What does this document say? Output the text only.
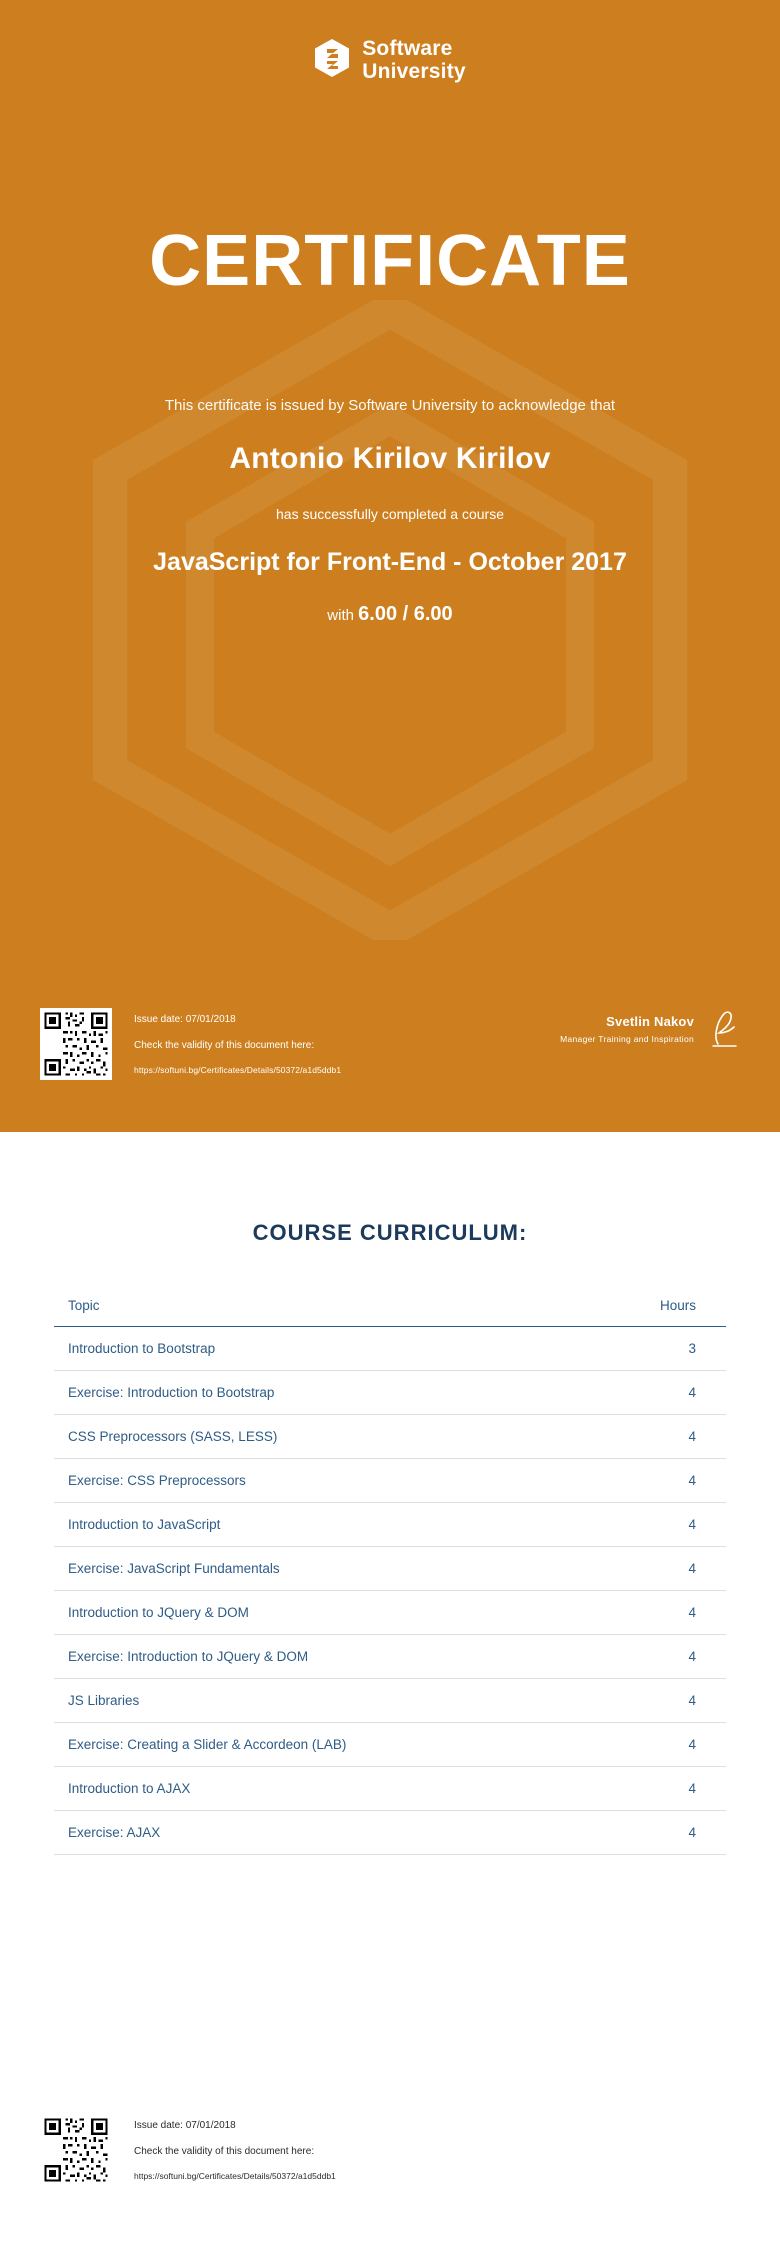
Software
University
CERTIFICATE
This certificate is issued by Software University to acknowledge that
Antonio Kirilov Kirilov
has successfully completed a course
JavaScript for Front-End - October 2017
with 6.00 / 6.00
Issue date: 07/01/2018
Check the validity of this document here:
https://softuni.bg/Certificates/Details/50372/a1d5ddb1
Svetlin Nakov
Manager Training and Inspiration
COURSE CURRICULUM:
Topic	Hours
Introduction to Bootstrap	3
Exercise: Introduction to Bootstrap	4
CSS Preprocessors (SASS, LESS)	4
Exercise: CSS Preprocessors	4
Introduction to JavaScript	4
Exercise: JavaScript Fundamentals	4
Introduction to JQuery & DOM	4
Exercise: Introduction to JQuery & DOM	4
JS Libraries	4
Exercise: Creating a Slider & Accordeon (LAB)	4
Introduction to AJAX	4
Exercise: AJAX	4
Issue date: 07/01/2018
Check the validity of this document here:
https://softuni.bg/Certificates/Details/50372/a1d5ddb1
